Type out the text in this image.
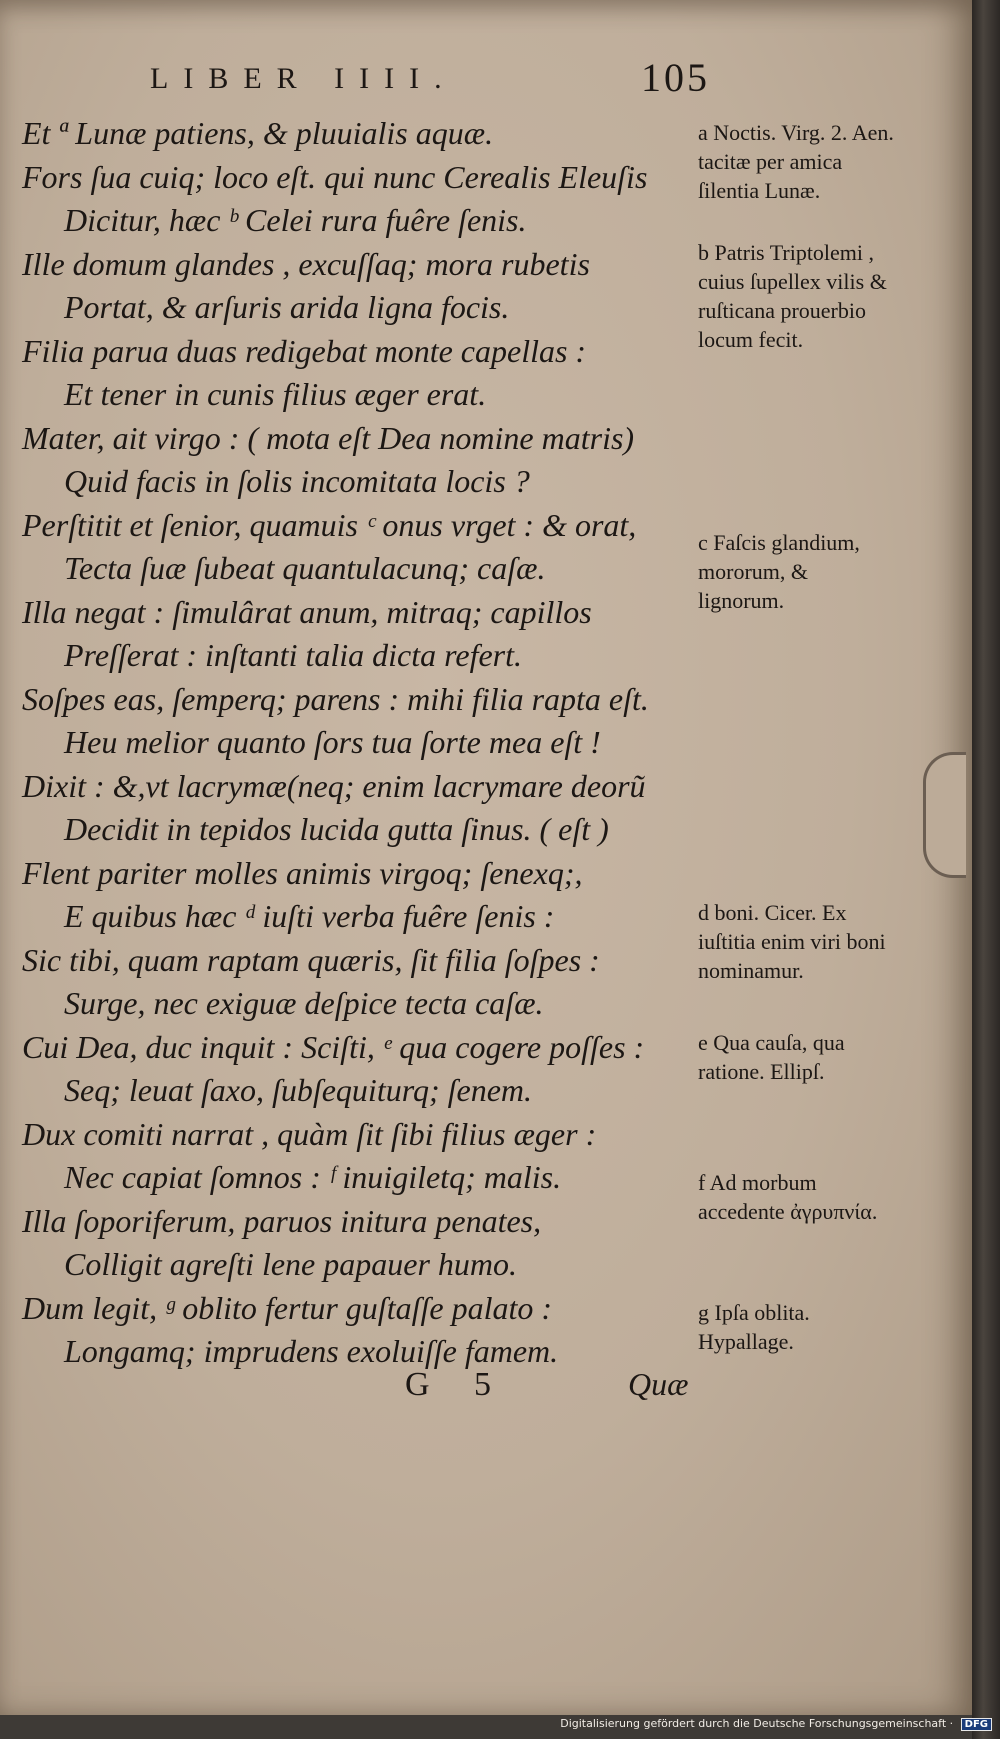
LIBER IIII.	105
Et ª Lunæ patiens, & pluuialis aquæ.
Fors ſua cuiq; loco eſt. qui nunc Cerealis Eleuſis
Dicitur, hæc ᵇ Celei rura fuêre ſenis.
Ille domum glandes , excuſſaq; mora rubetis
Portat, & arſuris arida ligna focis.
Filia parua duas redigebat monte capellas :
Et tener in cunis filius æger erat.
Mater, ait virgo : ( mota eſt Dea nomine matris)
Quid facis in ſolis incomitata locis ?
Perſtitit et ſenior, quamuis ᶜ onus vrget : & orat,
Tecta ſuæ ſubeat quantulacunq; caſæ.
Illa negat : ſimulârat anum, mitraq; capillos
Preſſerat : inſtanti talia dicta refert.
Soſpes eas, ſemperq; parens : mihi filia rapta eſt.
Heu melior quanto ſors tua ſorte mea eſt !
Dixit : &,vt lacrymæ(neq; enim lacrymare deorũ
Decidit in tepidos lucida gutta ſinus. ( eſt )
Flent pariter molles animis virgoq; ſenexq;,
E quibus hæc ᵈ iuſti verba fuêre ſenis :
Sic tibi, quam raptam quæris, ſit filia ſoſpes :
Surge, nec exiguæ deſpice tecta caſæ.
Cui Dea, duc inquit : Sciſti, ᵉ qua cogere poſſes :
Seq; leuat ſaxo, ſubſequiturq; ſenem.
Dux comiti narrat , quàm ſit ſibi filius æger :
Nec capiat ſomnos : ᶠ inuigiletq; malis.
Illa ſoporiferum, paruos initura penates,
Colligit agreſti lene papauer humo.
Dum legit, ᵍ oblito fertur guſtaſſe palato :
Longamq; imprudens exoluiſſe famem.
a Noctis. Virg. 2. Aen. tacitæ per amica ſilentia Lunæ.
b Patris Triptolemi , cuius ſupellex vilis & ruſticana prouerbio locum fecit.
c Faſcis glandium, mororum, & lignorum.
d boni. Cicer. Ex iuſtitia enim viri boni nominamur.
e Qua cauſa, qua ratione. Ellipſ.
f Ad morbum accedente ἀγρυπνία.
g Ipſa oblita. Hypallage.
G 5	Quæ
Digitalisierung gefördert durch die Deutsche Forschungsgemeinschaft · DFG
